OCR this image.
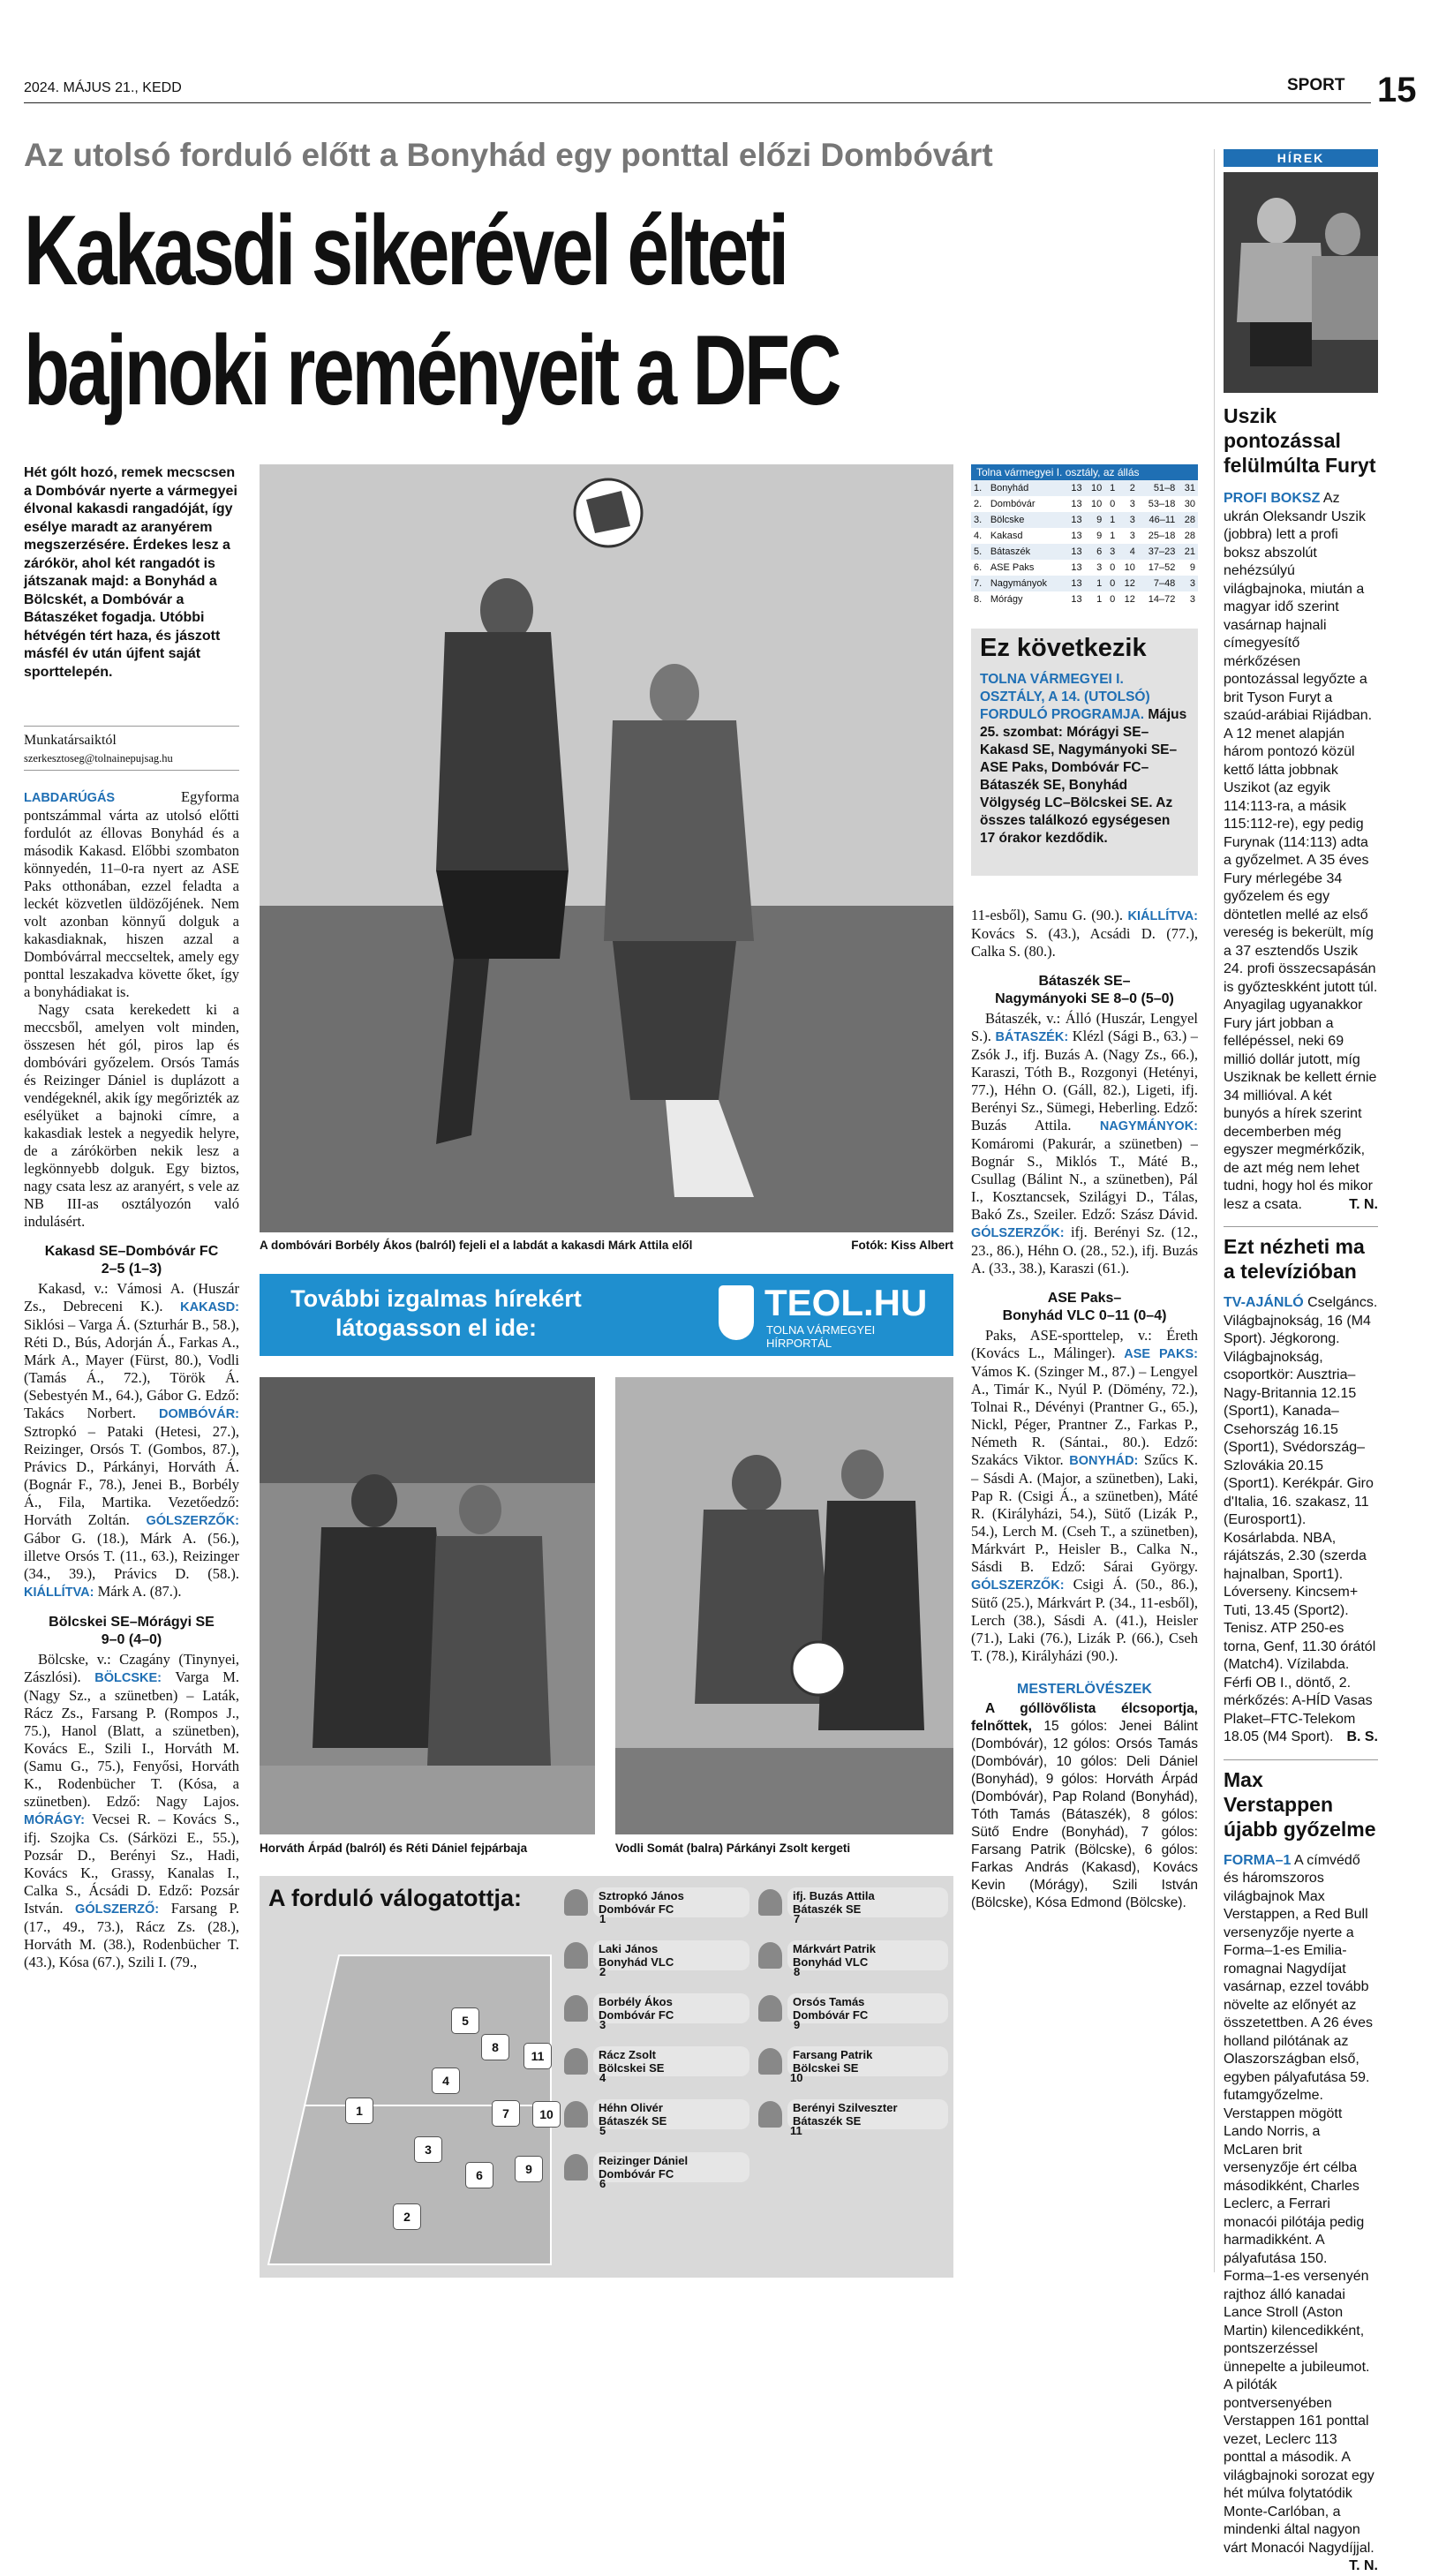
2024. MÁJUS 21., KEDD	SPORT 15
Az utolsó forduló előtt a Bonyhád egy ponttal előzi Dombóvárt
Kakasdi sikerével élteti
bajnoki reményeit a DFC
Hét gólt hozó, remek mecscsen a Dombóvár nyerte a vármegyei élvonal kakasdi rangadóját, így esélye maradt az aranyérem megszerzésére. Érdekes lesz a zárókör, ahol két rangadót is játszanak majd: a Bonyhád a Bölcskét, a Dombóvár a Bátaszéket fogadja. Utóbbi hétvégén tért haza, és jászott másfél év után újfent saját sporttelepén.
Munkatársaiktól
szerkesztoseg@tolnainepujsag.hu

LABDARÚGÁS	Egyforma pontszámmal várta az utolsó előtti fordulót az éllovas Bonyhád és a második Kakasd. Előbbi szombaton könnyedén, 11–0-ra nyert az ASE Paks otthonában, ezzel feladta a leckét közvetlen üldözőjének. Nem volt azonban könnyű dolguk a kakasdiaknak, hiszen azzal a Dombóvárral meccseltek, amely egy ponttal leszakadva követte őket, így a bonyhádiakat is.

Nagy csata kerekedett ki a meccsből, amelyen volt minden, összesen hét gól, piros lap és dombóvári győzelem. Orsós Tamás és Reizinger Dániel is duplázott a vendégeknél, akik így megőrizték az esélyüket a bajnoki címre, a kakasdiak lestek a negyedik helyre, de a zárókörben nekik lesz a legkönnyebb dolguk. Egy biztos, nagy csata lesz az aranyért, s vele az NB III-as osztályozón való indulásért.

Kakasd SE–Dombóvár FC
2–5 (1–3)

Kakasd, v.: Vámosi A. (Huszár Zs., Debreceni K.). KAKASD: Siklósi – Varga Á. (Szturhár B., 58.), Réti D., Bús, Adorján Á., Farkas A., Márk A., Mayer (Fürst, 80.), Vodli (Tamás Á., 72.), Török Á. (Sebestyén M., 64.), Gábor G. Edző: Takács Norbert. DOMBÓVÁR: Sztropkó – Pataki (Hetesi, 27.), Reizinger, Orsós T. (Gombos, 87.), Právics D., Párkányi, Horváth Á. (Bognár F., 78.), Jenei B., Borbély Á., Fila, Martika. Vezetőedző: Horváth Zoltán. GÓLSZERZŐK: Gábor G. (18.), Márk A. (56.), illetve Orsós T. (11., 63.), Reizinger (34., 39.), Právics D. (58.). KIÁLLÍTVA: Márk A. (87.).

Bölcskei SE–Mórágyi SE
9–0 (4–0)

Bölcske, v.: Czagány (Tinynyei, Zászlósi). BÖLCSKE: Varga M. (Nagy Sz., a szünetben) – Laták, Rácz Zs., Farsang P. (Rompos J., 75.), Hanol (Blatt, a szünetben), Kovács E., Szili I., Horváth M. (Samu G., 75.), Fenyősi, Horváth K., Rodenbücher T. (Kósa, a szünetben). Edző: Nagy Lajos. MÓRÁGY: Vecsei R. – Kovács S., ifj. Szojka Cs. (Sárközi E., 55.), Pozsár D., Berényi Sz., Hadi, Kovács K., Grassy, Kanalas I., Calka S., Ácsádi D. Edző: Pozsár István. GÓLSZERZŐ: Farsang P. (17., 49., 73.), Rácz Zs. (28.), Horváth M. (38.), Rodenbücher T. (43.), Kósa (67.), Szili I. (79.,

A dombóvári Borbély Ákos (balról) fejeli el a labdát a kakasdi Márk Attila elől	Fotók: Kiss Albert
További izgalmas hírekért
látogasson el ide:
TEOL.HU
TOLNA VÁRMEGYEI
HÍRPORTÁL
Horváth Árpád (balról) és Réti Dániel fejpárbaja	Vodli Somát (balra) Párkányi Zsolt kergeti
A forduló válogatottja:
1
2
3
4
5
6
7
8
9
10
11
Sztropkó János
Dombóvár FC
Laki János
Bonyhád VLC
Borbély Ákos
Dombóvár FC
Rácz Zsolt
Bölcskei SE
Héhn Olivér
Bátaszék SE
Reizinger Dániel
Dombóvár FC
1
2
3
4
5
6
ifj. Buzás Attila
Bátaszék SE
Márkvárt Patrik
Bonyhád VLC
Orsós Tamás
Dombóvár FC
Farsang Patrik
Bölcskei SE
Berényi Szilveszter
Bátaszék SE
7
8
9
10
11
Tolna vármegyei I. osztály, az állás
1.	Bonyhád	13	10	1	2	51–8	31
2.	Dombóvár	13	10	0	3	53–18	30
3.	Bölcske	13	9	1	3	46–11	28
4.	Kakasd	13	9	1	3	25–18	28
5.	Bátaszék	13	6	3	4	37–23	21
6.	ASE Paks	13	3	0	10	17–52	9
7.	Nagymányok	13	1	0	12	7–48	3
8.	Mórágy	13	1	0	12	14–72	3
Ez következik
TOLNA VÁRMEGYEI I. OSZTÁLY, A 14. (UTOLSÓ) FORDULÓ PROGRAMJA. Május 25. szombat: Mórágyi SE–Kakasd SE, Nagymányoki SE–ASE Paks, Dombóvár FC–Bátaszék SE, Bonyhád Völgység LC–Bölcskei SE. Az összes találkozó egységesen 17 órakor kezdődik.

11-esből), Samu G. (90.). KIÁLLÍTVA: Kovács S. (43.), Acsádi D. (77.), Calka S. (80.).

Bátaszék SE–
Nagymányoki SE 8–0 (5–0)

Bátaszék, v.: Álló (Huszár, Lengyel S.). BÁTASZÉK: Klézl (Sági B., 63.) – Zsók J., ifj. Buzás A. (Nagy Zs., 66.), Karaszi, Tóth B., Rozgonyi (Hetényi, 77.), Héhn O. (Gáll, 82.), Ligeti, ifj. Berényi Sz., Sümegi, Heberling. Edző: Buzás Attila. NAGYMÁNYOK: Komáromi (Pakurár, a szünetben) – Bognár S., Miklós T., Máté B., Csullag (Bálint N., a szünetben), Pál I., Kosztancsek, Szilágyi D., Tálas, Bakó Zs., Szeiler. Edző: Szász Dávid. GÓLSZERZŐK: ifj. Berényi Sz. (12., 23., 86.), Héhn O. (28., 52.), ifj. Buzás A. (33., 38.), Karaszi (61.).

ASE Paks–
Bonyhád VLC 0–11 (0–4)

Paks, ASE-sporttelep, v.: Éreth (Kovács L., Málinger). ASE PAKS: Vámos K. (Szinger M., 87.) – Lengyel A., Timár K., Nyúl P. (Dömény, 72.), Tolnai R., Dévényi (Prantner G., 65.), Nickl, Péger, Prantner Z., Farkas P., Németh R. (Sántai., 80.). Edző: Szakács Viktor. BONYHÁD: Szűcs K. – Sásdi A. (Major, a szünetben), Laki, Pap R. (Csigi Á., a szünetben), Máté R. (Királyházi, 54.), Sütő (Lizák P., 54.), Lerch M. (Cseh T., a szünetben), Márkvárt P., Heisler B., Calka N., Sásdi B. Edző: Sárai György. GÓLSZERZŐK: Csigi Á. (50., 86.), Sütő (25.), Márkvárt P. (34., 11-esből), Lerch (38.), Sásdi A. (41.), Heisler (71.), Laki (76.), Lizák P. (66.), Cseh T. (78.), Királyházi (90.).

MESTERLÖVÉSZEK

A góllövőlista élcsoportja, felnőttek, 15 gólos: Jenei Bálint (Dombóvár), 12 gólos: Orsós Tamás (Dombóvár), 10 gólos: Deli Dániel (Bonyhád), 9 gólos: Horváth Árpád (Dombóvár), Pap Roland (Bonyhád), Tóth Tamás (Bátaszék), 8 gólos: Sütő Endre (Bonyhád), 7 gólos: Farsang Patrik (Bölcske), 6 gólos: Farkas András (Kakasd), Kovács Kevin (Mórágy), Szili István (Bölcske), Kósa Edmond (Bölcske).

HÍREK
Uszik pontozással felülmúlta Furyt

PROFI BOKSZ Az ukrán Oleksandr Uszik (jobbra) lett a profi boksz abszolút nehézsúlyú világbajnoka, miután a magyar idő szerint vasárnap hajnali címegyesítő mérkőzésen pontozással legyőzte a brit Tyson Furyt a szaúd-arábiai Rijádban. A 12 menet alapján három pontozó közül kettő látta jobbnak Uszikot (az egyik 114:113-ra, a másik 115:112-re), egy pedig Furynak (114:113) adta a győzelmet. A 35 éves Fury mérlegébe 34 győzelem és egy döntetlen mellé az első vereség is bekerült, míg a 37 esztendős Uszik 24. profi összecsapásán is győzteskként jutott túl. Anyagilag ugyanakkor Fury járt jobban a fellépéssel, neki 69 millió dollár jutott, míg Usziknak be kellett érnie 34 millióval. A két bunyós a hírek szerint decemberben még egyszer megmérkőzik, de azt még nem lehet tudni, hogy hol és mikor lesz a csata.	T. N.

Ezt nézheti ma a televízióban

TV-AJÁNLÓ Cselgáncs. Világbajnokság, 16 (M4 Sport). Jégkorong. Világbajnokság, csoportkör: Ausztria–Nagy-Britannia 12.15 (Sport1), Kanada–Csehország 16.15 (Sport1), Svédország–Szlovákia 20.15 (Sport1). Kerékpár. Giro d'Italia, 16. szakasz, 11 (Eurosport1). Kosárlabda. NBA, rájátszás, 2.30 (szerda hajnalban, Sport1). Lóverseny. Kincsem+ Tuti, 13.45 (Sport2). Tenisz. ATP 250-es torna, Genf, 11.30 órától (Match4). Vízilabda. Férfi OB I., döntő, 2. mérkőzés: A-HÍD Vasas Plaket–FTC-Telekom 18.05 (M4 Sport). B. S.

Max Verstappen újabb győzelme

FORMA–1 A címvédő és háromszoros világbajnok Max Verstappen, a Red Bull versenyzője nyerte a Forma–1-es Emilia-romagnai Nagydíjat vasárnap, ezzel tovább növelte az előnyét az összetettben. A 26 éves holland pilótának az Olaszországban első, egyben pályafutása 59. futamgyőzelme. Verstappen mögött Lando Norris, a McLaren brit versenyzője ért célba másodikként, Charles Leclerc, a Ferrari monacói pilótája pedig harmadikként. A pályafutása 150. Forma–1-es versenyén rajthoz álló kanadai Lance Stroll (Aston Martin) kilencedikként, pontszerzéssel ünnepelte a jubileumot. A pilóták pontversenyében Verstappen 161 ponttal vezet, Leclerc 113 ponttal a második. A világbajnoki sorozat egy hét múlva folytatódik Monte-Carlóban, a mindenki által nagyon várt Monacói Nagydíjjal.
T. N.
